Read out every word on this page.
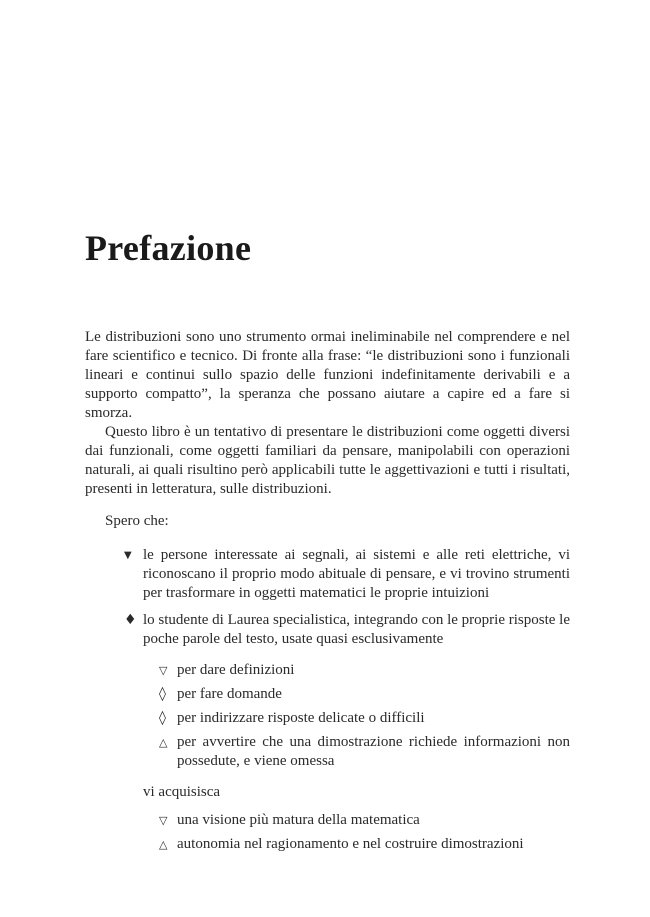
Prefazione

Le distribuzioni sono uno strumento ormai ineliminabile nel comprendere e nel fare scientifico e tecnico. Di fronte alla frase: “le distribuzioni sono i funzionali lineari e continui sullo spazio delle funzioni indefinitamente derivabili e a supporto compatto”, la speranza che possano aiutare a capire ed a fare si smorza.

Questo libro è un tentativo di presentare le distribuzioni come oggetti diversi dai funzionali, come oggetti familiari da pensare, manipolabili con operazioni naturali, ai quali risultino però applicabili tutte le aggettivazioni e tutti i risultati, presenti in letteratura, sulle distribuzioni.

Spero che:

▼ le persone interessate ai segnali, ai sistemi e alle reti elettriche, vi riconoscano il proprio modo abituale di pensare, e vi trovino strumenti per trasformare in oggetti matematici le proprie intuizioni
♦ lo studente di Laurea specialistica, integrando con le proprie risposte le poche parole del testo, usate quasi esclusivamente
▽ per dare definizioni
◊ per fare domande
◊ per indirizzare risposte delicate o difficili
△ per avvertire che una dimostrazione richiede informazioni non possedute, e viene omessa
vi acquisisca
▽ una visione più matura della matematica
△ autonomia nel ragionamento e nel costruire dimostrazioni
